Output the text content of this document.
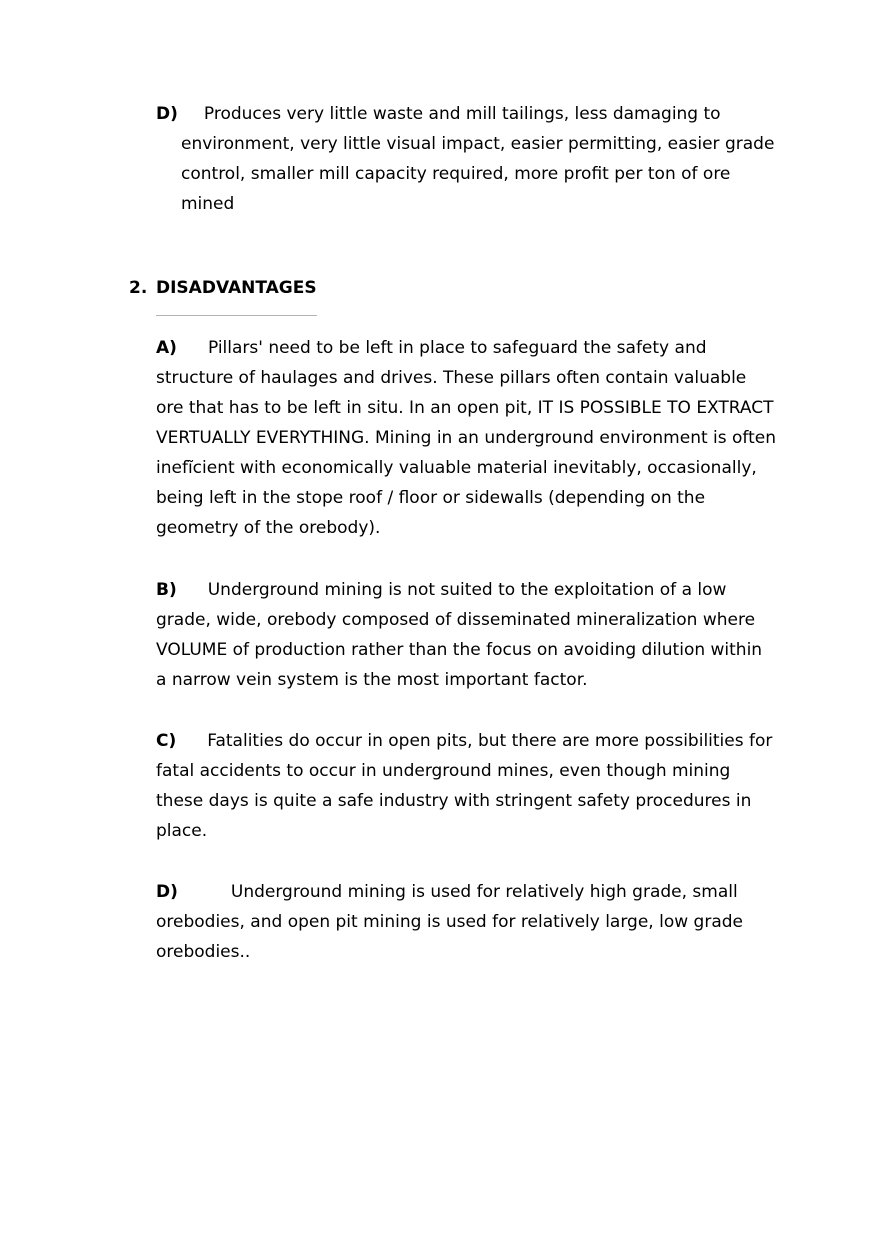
D) Produces very little waste and mill tailings, less damaging to
environment, very little visual impact, easier permitting, easier grade control, smaller mill capacity required, more profit per ton of ore mined
2. DISADVANTAGES
A) Pillars' need to be left in place to safeguard the safety and structure of haulages and drives. These pillars often contain valuable ore that has to be left in situ. In an open pit, IT IS POSSIBLE TO EXTRACT VERTUALLY EVERYTHING. Mining in an underground environment is often inefĩcient with economically valuable material inevitably, occasionally, being left in the stope roof / floor or sidewalls (depending on the geometry of the orebody).
B) Underground mining is not suited to the exploitation of a low grade, wide, orebody composed of disseminated mineralization where VOLUME of production rather than the focus on avoiding dilution within a narrow vein system is the most important factor.
C) Fatalities do occur in open pits, but there are more possibilities for fatal accidents to occur in underground mines, even though mining these days is quite a safe industry with stringent safety procedures in place.
D)	Underground mining is used for relatively high grade, small orebodies, and open pit mining is used for relatively large, low grade orebodies..
